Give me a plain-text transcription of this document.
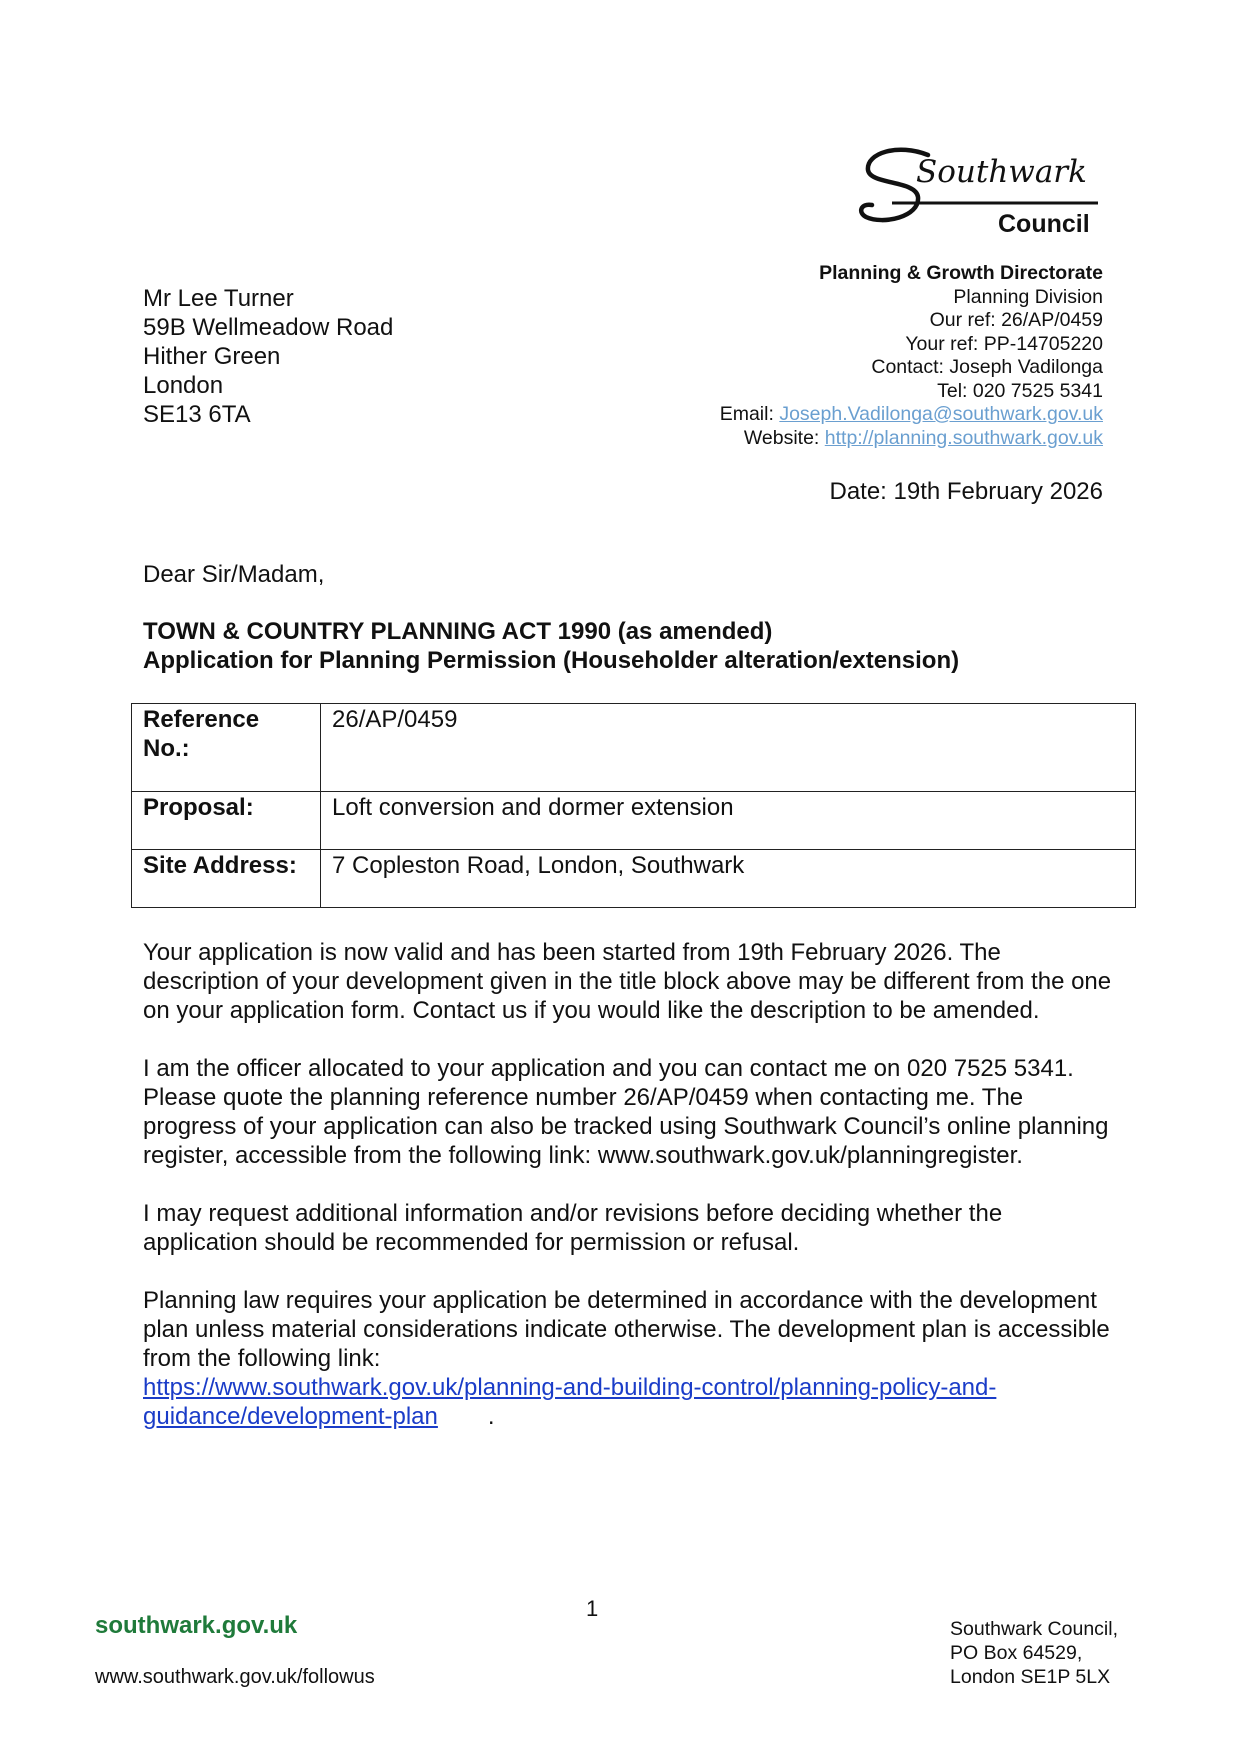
Southwark
Council
Planning & Growth Directorate
Planning Division
Our ref: 26/AP/0459
Your ref: PP-14705220
Contact: Joseph Vadilonga
Tel: 020 7525 5341
Email: Joseph.Vadilonga@southwark.gov.uk
Website: http://planning.southwark.gov.uk
Mr Lee Turner
59B Wellmeadow Road
Hither Green
London
SE13 6TA
Date: 19th February 2026
Dear Sir/Madam,
TOWN & COUNTRY PLANNING ACT 1990 (as amended)
Application for Planning Permission (Householder alteration/extension)
Reference
No.:	26/AP/0459
Proposal:	Loft conversion and dormer extension
Site Address:	7 Copleston Road, London, Southwark

Your application is now valid and has been started from 19th February 2026. The description of your development given in the title block above may be different from the one on your application form. Contact us if you would like the description to be amended.

I am the officer allocated to your application and you can contact me on 020 7525 5341. Please quote the planning reference number 26/AP/0459 when contacting me. The progress of your application can also be tracked using Southwark Council’s online planning register, accessible from the following link: www.southwark.gov.uk/planningregister.

I may request additional information and/or revisions before deciding whether the application should be recommended for permission or refusal.

Planning law requires your application be determined in accordance with the development plan unless material considerations indicate otherwise. The development plan is accessible from the following link:
https://www.southwark.gov.uk/planning-and-building-control/planning-policy-and-
guidance/development-plan .

1
southwark.gov.uk
www.southwark.gov.uk/followus
Southwark Council,
PO Box 64529,
London SE1P 5LX
